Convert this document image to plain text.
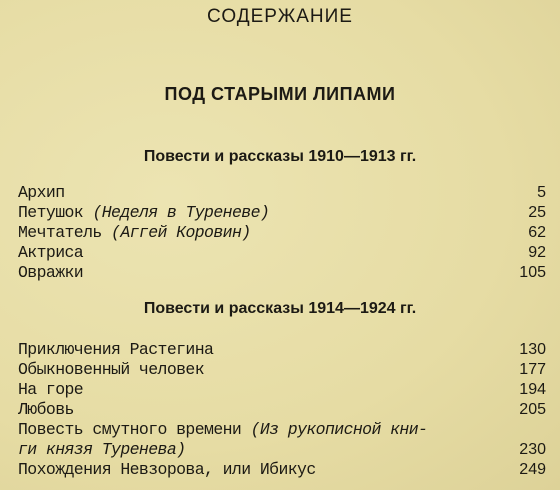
СОДЕРЖАНИЕ
ПОД СТАРЫМИ ЛИПАМИ
Повести и рассказы 1910—1913 гг.
Архип	5
Петушок (Неделя в Туреневе)	25
Мечтатель (Аггей Коровин)	62
Актриса	92
Овражки	105
Повести и рассказы 1914—1924 гг.
Приключения Растегина	130
Обыкновенный человек	177
На горе	194
Любовь	205
Повесть смутного времени (Из рукописной кни-
ги князя Туренева)	230
Похождения Невзорова, или Ибикус	249
